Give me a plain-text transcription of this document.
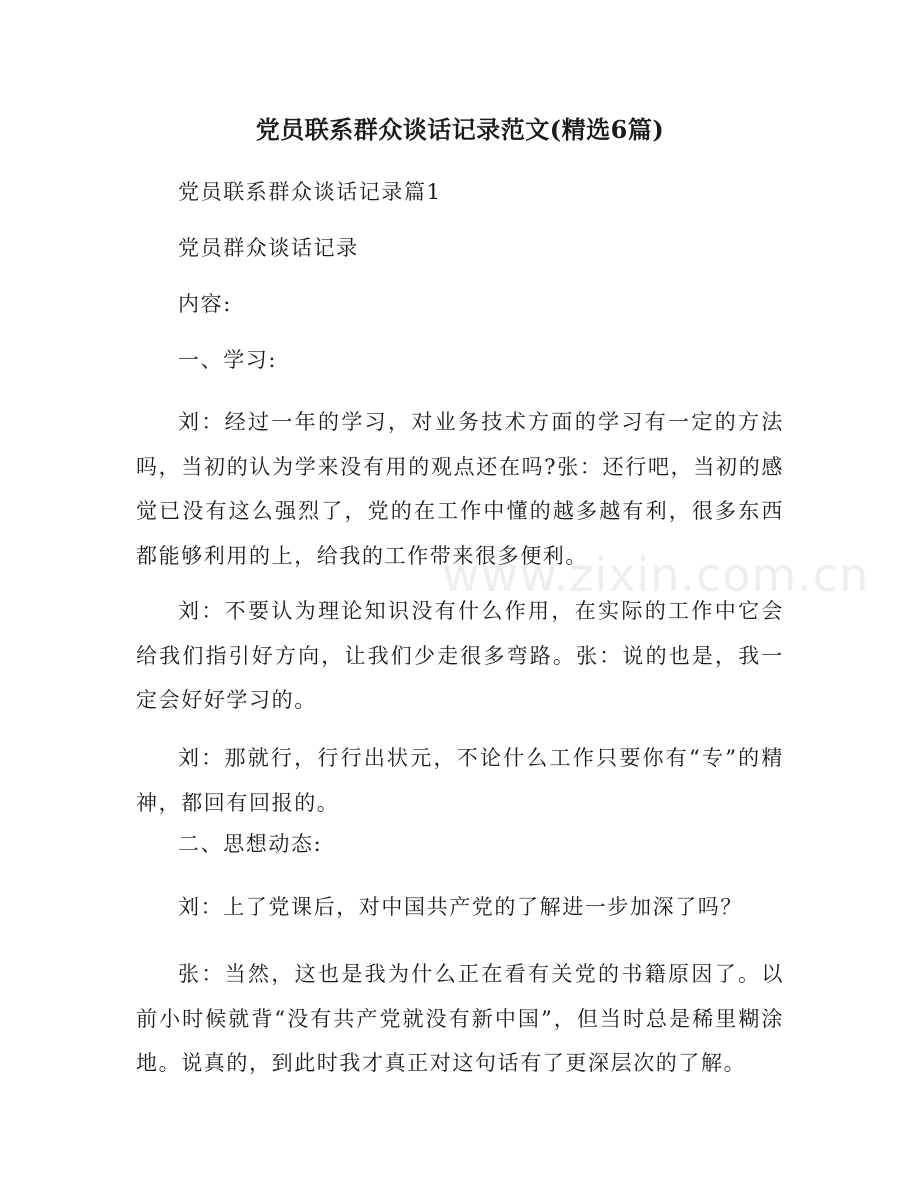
党员联系群众谈话记录范文(精选6篇)
党员联系群众谈话记录篇1
党员群众谈话记录
内容:
一、学习:
刘：经过一年的学习，对业务技术方面的学习有一定的方法吗，当初的认为学来没有用的观点还在吗?张：还行吧，当初的感觉已没有这么强烈了，党的在工作中懂的越多越有利，很多东西都能够利用的上，给我的工作带来很多便利。
刘：不要认为理论知识没有什么作用，在实际的工作中它会给我们指引好方向，让我们少走很多弯路。张：说的也是，我一定会好好学习的。
刘：那就行，行行出状元，不论什么工作只要你有“专”的精神，都回有回报的。
二、思想动态:
刘：上了党课后，对中国共产党的了解进一步加深了吗？
张：当然，这也是我为什么正在看有关党的书籍原因了。以前小时候就背“没有共产党就没有新中国”，但当时总是稀里糊涂地。说真的，到此时我才真正对这句话有了更深层次的了解。
www.zixin.com.cn
